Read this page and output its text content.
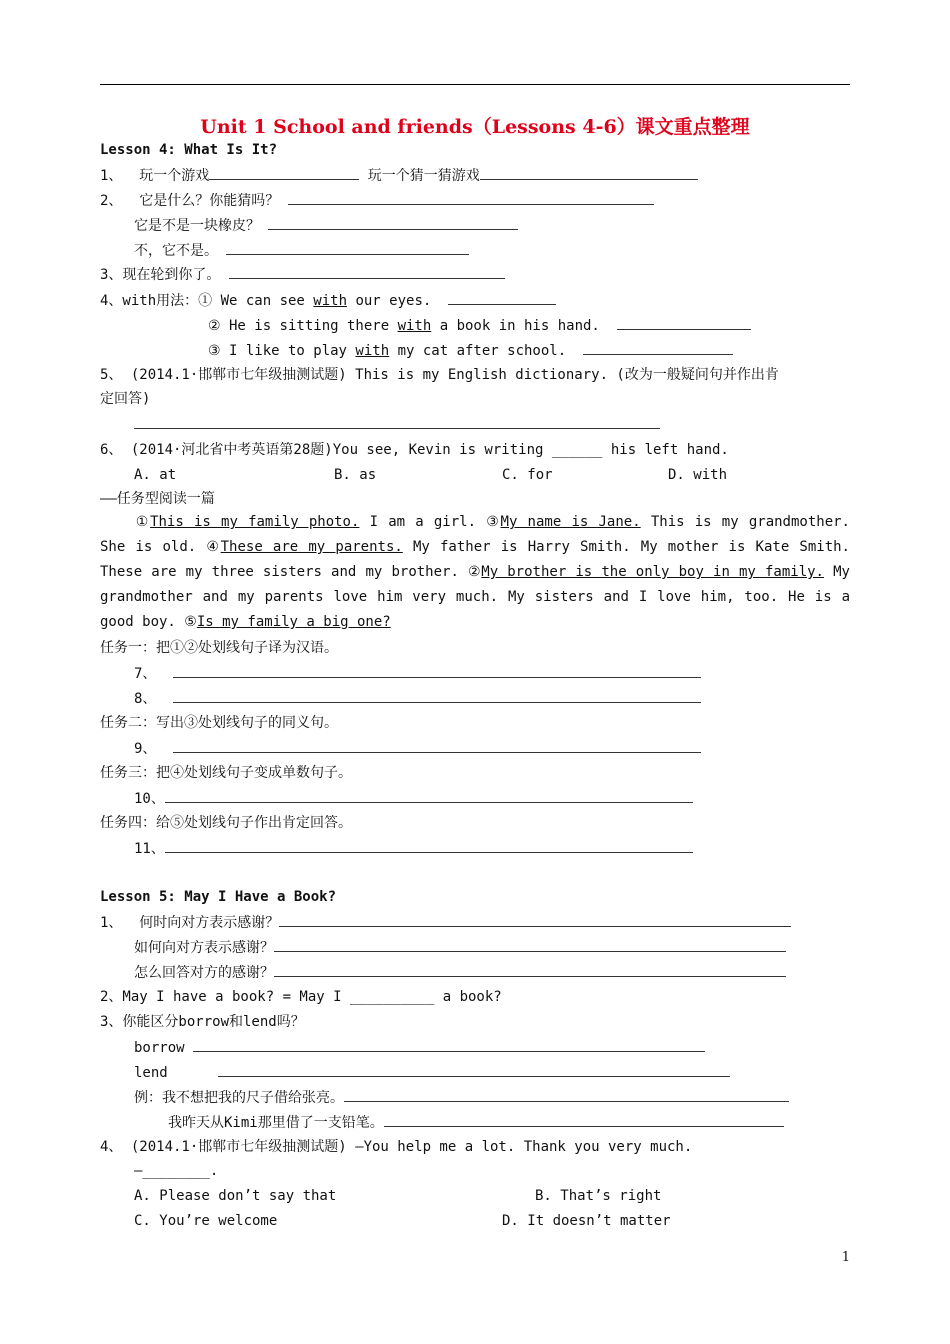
Unit 1 School and friends（Lessons 4-6）课文重点整理
Lesson 4: What Is It?
1、  玩一个游戏	玩一个猜一猜游戏
2、  它是什么？你能猜吗？
它是不是一块橡皮？
不，它不是。
3、现在轮到你了。
4、with用法：① We can see with our eyes.
② He is sitting there with a book in his hand.
③ I like to play with my cat after school.
5、 (2014.1·邯郸市七年级抽测试题) This is my English dictionary. (改为一般疑问句并作出肯
定回答)
6、 (2014·河北省中考英语第28题)You see, Kevin is writing ______ his left hand.
A. at	B. as	C. for	D. with
——任务型阅读一篇
①This is my family photo. I am a girl. ③My name is Jane. This is my grandmother. She is old. ④These are my parents. My father is Harry Smith. My mother is Kate Smith. These are my three sisters and my brother. ②My brother is the only boy in my family. My grandmother and my parents love him very much. My sisters and I love him, too. He is a good boy. ⑤Is my family a big one?
任务一：把①②处划线句子译为汉语。
7、
8、
任务二：写出③处划线句子的同义句。
9、
任务三：把④处划线句子变成单数句子。
10、
任务四：给⑤处划线句子作出肯定回答。
11、
Lesson 5: May I Have a Book?
1、  何时向对方表示感谢？
如何向对方表示感谢？
怎么回答对方的感谢？
2、May I have a book? = May I __________ a book?
3、你能区分borrow和lend吗？
borrow
lend
例：我不想把我的尺子借给张亮。
我昨天从Kimi那里借了一支铅笔。
4、 (2014.1·邯郸市七年级抽测试题) —You help me a lot. Thank you very much.
—________.
A. Please don’t say that	B. That’s right
C. You’re welcome	D. It doesn’t matter
1
